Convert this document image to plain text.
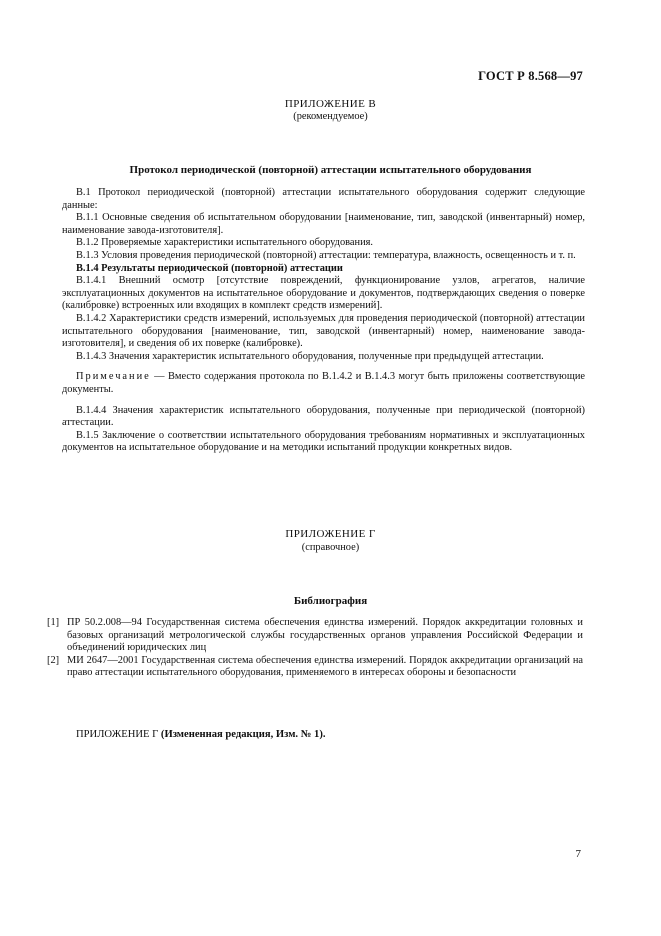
ГОСТ Р 8.568—97
ПРИЛОЖЕНИЕ В
(рекомендуемое)
Протокол периодической (повторной) аттестации испытательного оборудования

В.1 Протокол периодической (повторной) аттестации испытательного оборудования содержит следующие данные:

В.1.1 Основные сведения об испытательном оборудовании [наименование, тип, заводской (инвентарный) номер, наименование завода-изготовителя].

В.1.2 Проверяемые характеристики испытательного оборудования.

В.1.3 Условия проведения периодической (повторной) аттестации: температура, влажность, освещенность и т. п.

В.1.4 Результаты периодической (повторной) аттестации

В.1.4.1 Внешний осмотр [отсутствие повреждений, функционирование узлов, агрегатов, наличие эксплуатационных документов на испытательное оборудование и документов, подтверждающих сведения о поверке (калибровке) встроенных или входящих в комплект средств измерений].

В.1.4.2 Характеристики средств измерений, используемых для проведения периодической (повторной) аттестации испытательного оборудования [наименование, тип, заводской (инвентарный) номер, наименование завода-изготовителя], и сведения об их поверке (калибровке).

В.1.4.3 Значения характеристик испытательного оборудования, полученные при предыдущей аттестации.

Примечание — Вместо содержания протокола по В.1.4.2 и В.1.4.3 могут быть приложены соответствующие документы.

В.1.4.4 Значения характеристик испытательного оборудования, полученные при периодической (повторной) аттестации.

В.1.5 Заключение о соответствии испытательного оборудования требованиям нормативных и эксплуатационных документов на испытательное оборудование и на методики испытаний продукции конкретных видов.

ПРИЛОЖЕНИЕ Г
(справочное)
Библиография
[1] ПР 50.2.008—94 Государственная система обеспечения единства измерений. Порядок аккредитации головных и базовых организаций метрологической службы государственных органов управления Российской Федерации и объединений юридических лиц
[2] МИ 2647—2001 Государственная система обеспечения единства измерений. Порядок аккредитации организаций на право аттестации испытательного оборудования, применяемого в интересах обороны и безопасности
ПРИЛОЖЕНИЕ Г (Измененная редакция, Изм. № 1).
7
